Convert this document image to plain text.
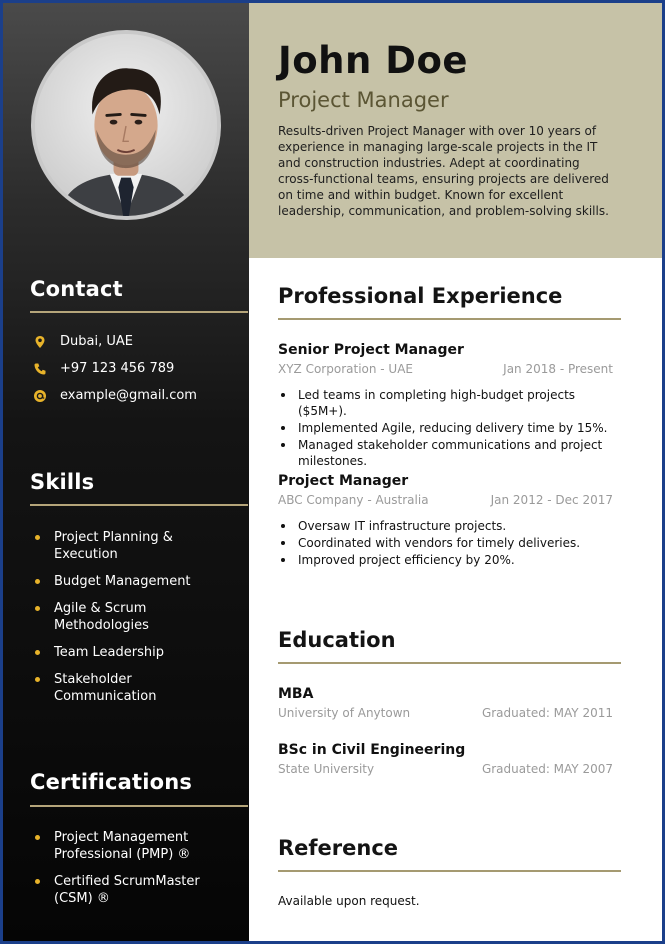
Contact
Dubai, UAE
+97 123 456 789
example@gmail.com
Skills
Project Planning & Execution
Budget Management
Agile & Scrum Methodologies
Team Leadership
Stakeholder Communication
Certifications
Project Management Professional (PMP) ®
Certified ScrumMaster (CSM) ®
John Doe
Project Manager
Results-driven Project Manager with over 10 years of experience in managing large-scale projects in the IT and construction industries. Adept at coordinating cross-functional teams, ensuring projects are delivered on time and within budget. Known for excellent leadership, communication, and problem-solving skills.
Professional Experience
Senior Project Manager
XYZ Corporation - UAE	Jan 2018 - Present
Led teams in completing high-budget projects ($5M+).
Implemented Agile, reducing delivery time by 15%.
Managed stakeholder communications and project milestones.
Project Manager
ABC Company - Australia	Jan 2012 - Dec 2017
Oversaw IT infrastructure projects.
Coordinated with vendors for timely deliveries.
Improved project efficiency by 20%.
Education
MBA
University of Anytown	Graduated: MAY 2011
BSc in Civil Engineering
State University	Graduated: MAY 2007
Reference
Available upon request.
